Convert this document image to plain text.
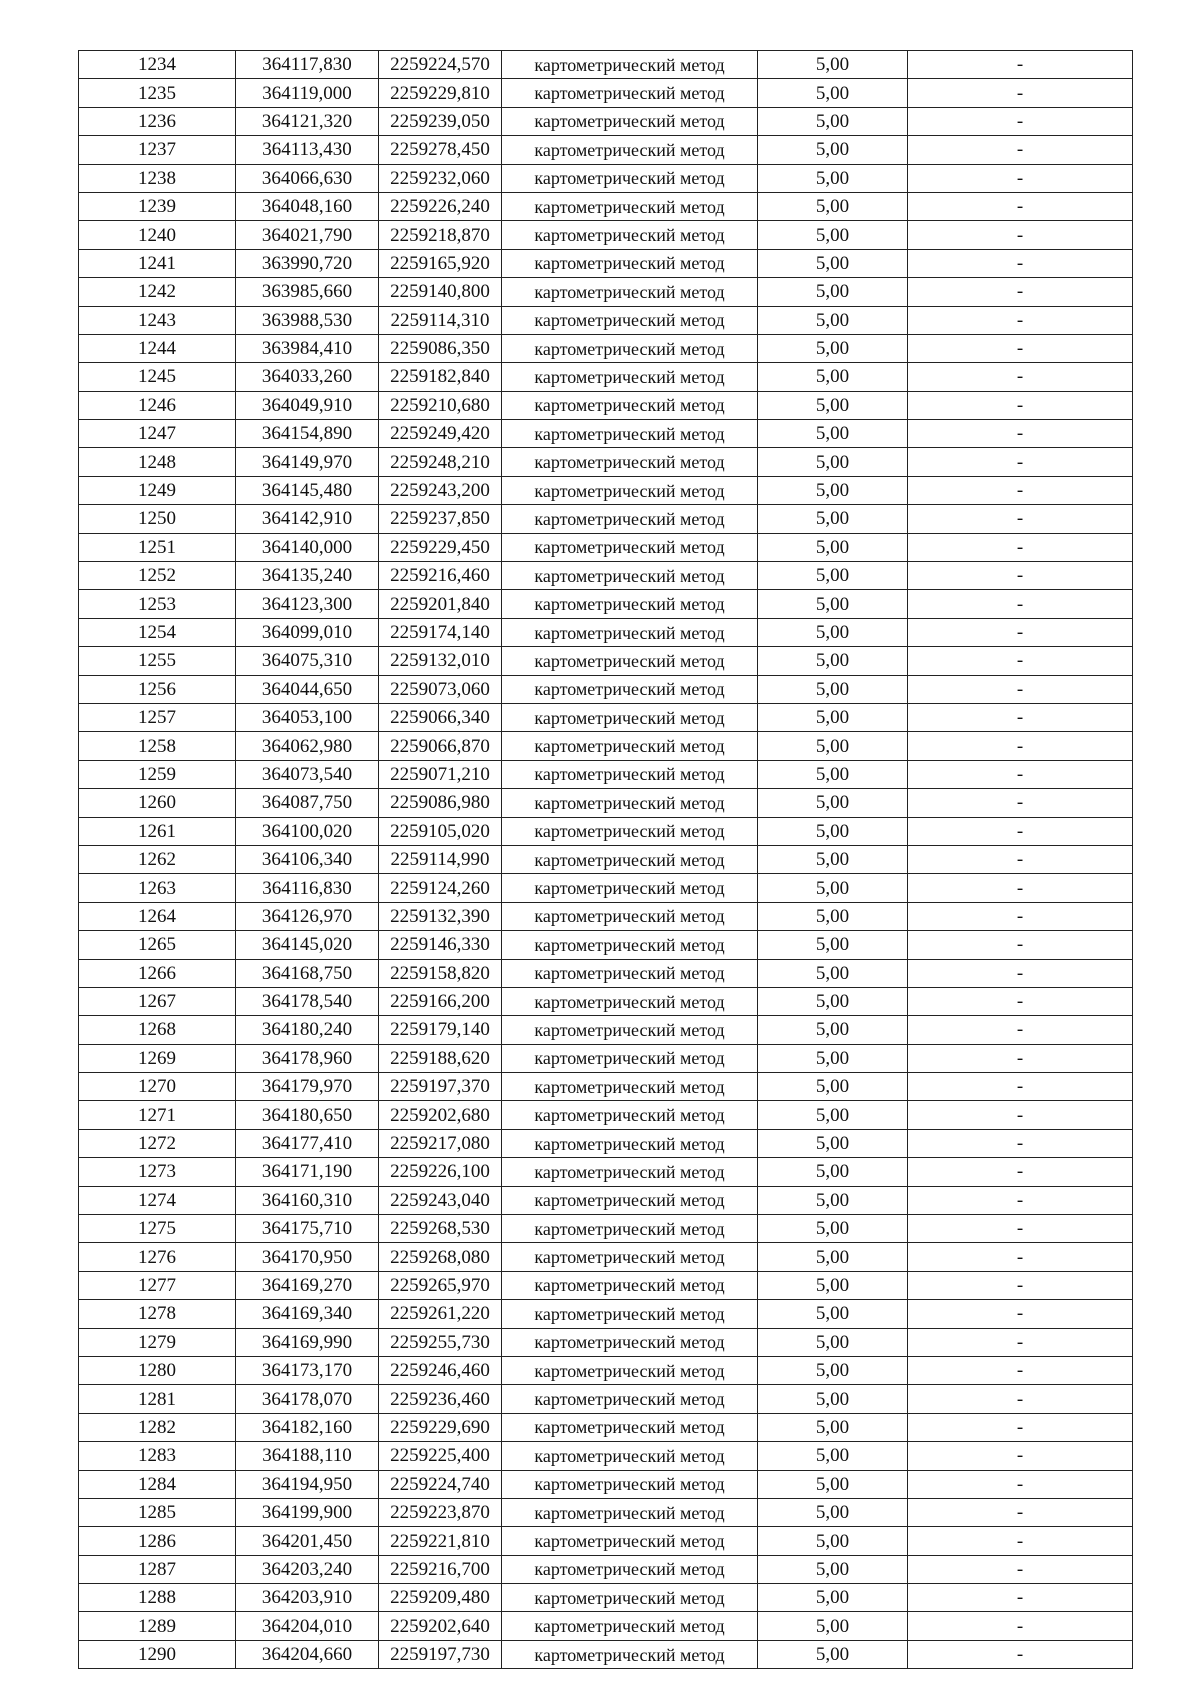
1234	364117,830	2259224,570	картометрический метод	5,00	-
1235	364119,000	2259229,810	картометрический метод	5,00	-
1236	364121,320	2259239,050	картометрический метод	5,00	-
1237	364113,430	2259278,450	картометрический метод	5,00	-
1238	364066,630	2259232,060	картометрический метод	5,00	-
1239	364048,160	2259226,240	картометрический метод	5,00	-
1240	364021,790	2259218,870	картометрический метод	5,00	-
1241	363990,720	2259165,920	картометрический метод	5,00	-
1242	363985,660	2259140,800	картометрический метод	5,00	-
1243	363988,530	2259114,310	картометрический метод	5,00	-
1244	363984,410	2259086,350	картометрический метод	5,00	-
1245	364033,260	2259182,840	картометрический метод	5,00	-
1246	364049,910	2259210,680	картометрический метод	5,00	-
1247	364154,890	2259249,420	картометрический метод	5,00	-
1248	364149,970	2259248,210	картометрический метод	5,00	-
1249	364145,480	2259243,200	картометрический метод	5,00	-
1250	364142,910	2259237,850	картометрический метод	5,00	-
1251	364140,000	2259229,450	картометрический метод	5,00	-
1252	364135,240	2259216,460	картометрический метод	5,00	-
1253	364123,300	2259201,840	картометрический метод	5,00	-
1254	364099,010	2259174,140	картометрический метод	5,00	-
1255	364075,310	2259132,010	картометрический метод	5,00	-
1256	364044,650	2259073,060	картометрический метод	5,00	-
1257	364053,100	2259066,340	картометрический метод	5,00	-
1258	364062,980	2259066,870	картометрический метод	5,00	-
1259	364073,540	2259071,210	картометрический метод	5,00	-
1260	364087,750	2259086,980	картометрический метод	5,00	-
1261	364100,020	2259105,020	картометрический метод	5,00	-
1262	364106,340	2259114,990	картометрический метод	5,00	-
1263	364116,830	2259124,260	картометрический метод	5,00	-
1264	364126,970	2259132,390	картометрический метод	5,00	-
1265	364145,020	2259146,330	картометрический метод	5,00	-
1266	364168,750	2259158,820	картометрический метод	5,00	-
1267	364178,540	2259166,200	картометрический метод	5,00	-
1268	364180,240	2259179,140	картометрический метод	5,00	-
1269	364178,960	2259188,620	картометрический метод	5,00	-
1270	364179,970	2259197,370	картометрический метод	5,00	-
1271	364180,650	2259202,680	картометрический метод	5,00	-
1272	364177,410	2259217,080	картометрический метод	5,00	-
1273	364171,190	2259226,100	картометрический метод	5,00	-
1274	364160,310	2259243,040	картометрический метод	5,00	-
1275	364175,710	2259268,530	картометрический метод	5,00	-
1276	364170,950	2259268,080	картометрический метод	5,00	-
1277	364169,270	2259265,970	картометрический метод	5,00	-
1278	364169,340	2259261,220	картометрический метод	5,00	-
1279	364169,990	2259255,730	картометрический метод	5,00	-
1280	364173,170	2259246,460	картометрический метод	5,00	-
1281	364178,070	2259236,460	картометрический метод	5,00	-
1282	364182,160	2259229,690	картометрический метод	5,00	-
1283	364188,110	2259225,400	картометрический метод	5,00	-
1284	364194,950	2259224,740	картометрический метод	5,00	-
1285	364199,900	2259223,870	картометрический метод	5,00	-
1286	364201,450	2259221,810	картометрический метод	5,00	-
1287	364203,240	2259216,700	картометрический метод	5,00	-
1288	364203,910	2259209,480	картометрический метод	5,00	-
1289	364204,010	2259202,640	картометрический метод	5,00	-
1290	364204,660	2259197,730	картометрический метод	5,00	-
